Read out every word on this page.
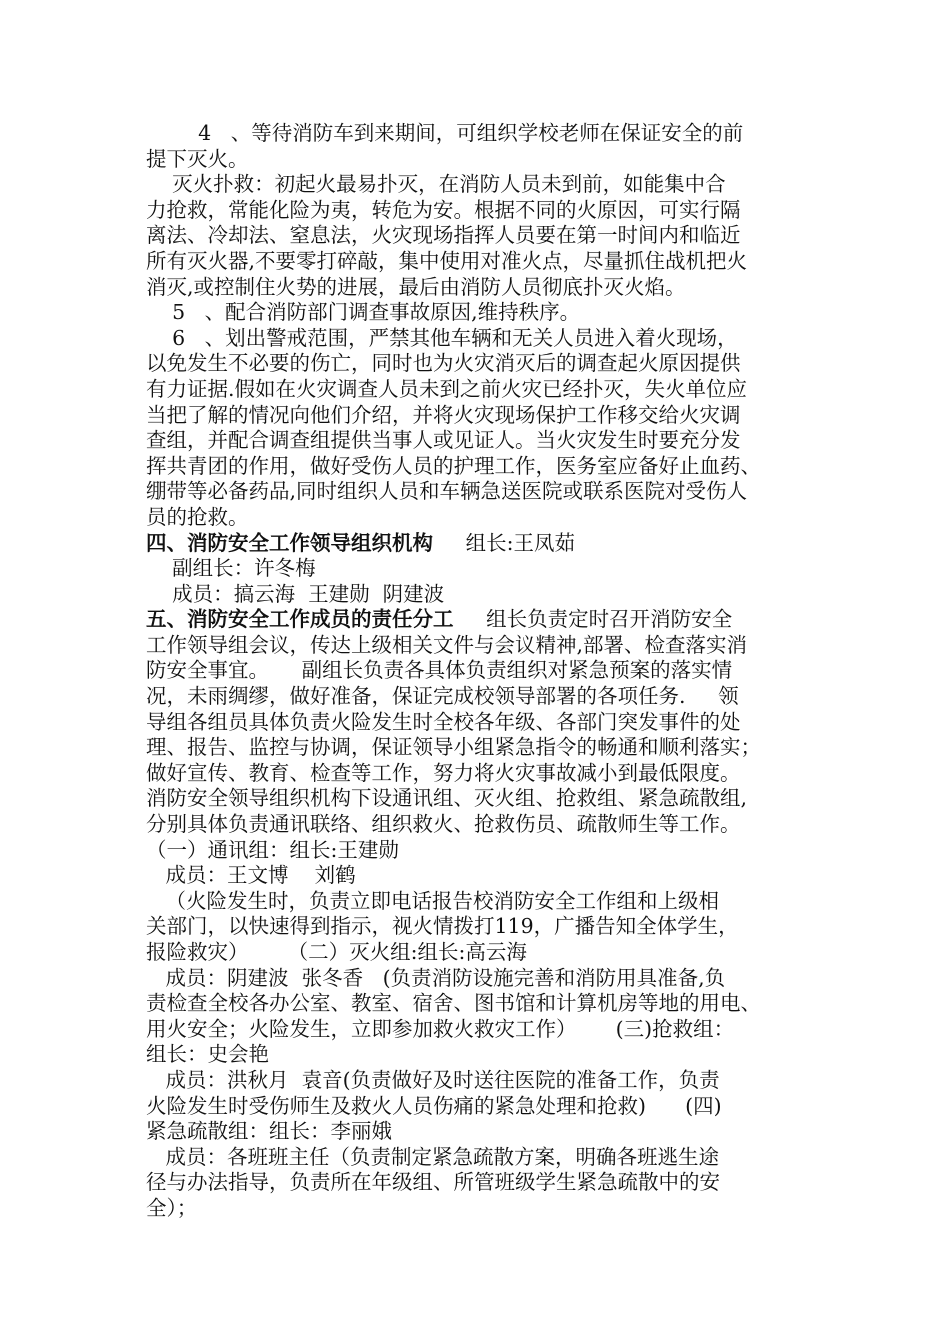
4   、等待消防车到来期间，可组织学校老师在保证安全的前
提下灭火。
灭火扑救：初起火最易扑灭，在消防人员未到前，如能集中合
力抢救，常能化险为夷，转危为安。根据不同的火原因，可实行隔
离法、冷却法、窒息法，火灾现场指挥人员要在第一时间内和临近
所有灭火器,不要零打碎敲，集中使用对准火点，尽量抓住战机把火
消灭,或控制住火势的进展，最后由消防人员彻底扑灭火焰。
5   、配合消防部门调查事故原因,维持秩序。
6   、划出警戒范围，严禁其他车辆和无关人员进入着火现场，
以免发生不必要的伤亡，同时也为火灾消灭后的调查起火原因提供
有力证据.假如在火灾调查人员未到之前火灾已经扑灭，失火单位应
当把了解的情况向他们介绍，并将火灾现场保护工作移交给火灾调
查组，并配合调查组提供当事人或见证人。当火灾发生时要充分发
挥共青团的作用，做好受伤人员的护理工作，医务室应备好止血药、
绷带等必备药品,同时组织人员和车辆急送医院或联系医院对受伤人
员的抢救。
四、消防安全工作领导组织机构     组长:王凤茹
副组长：许冬梅
成员：搞云海  王建勋  阴建波
五、消防安全工作成员的责任分工     组长负责定时召开消防安全
工作领导组会议，传达上级相关文件与会议精神,部署、检查落实消
防安全事宜。     副组长负责各具体负责组织对紧急预案的落实情
况，未雨绸缪，做好准备，保证完成校领导部署的各项任务.     领
导组各组员具体负责火险发生时全校各年级、各部门突发事件的处
理、报告、监控与协调，保证领导小组紧急指令的畅通和顺利落实；
做好宣传、教育、检查等工作，努力将火灾事故减小到最低限度。
消防安全领导组织机构下设通讯组、灭火组、抢救组、紧急疏散组,
分别具体负责通讯联络、组织救火、抢救伤员、疏散师生等工作。
（一）通讯组：组长:王建勋
成员：王文博    刘鹤
（火险发生时，负责立即电话报告校消防安全工作组和上级相
关部门，以快速得到指示，视火情拨打119，广播告知全体学生，
报险救灾）      （二）灭火组:组长:高云海
成员：阴建波  张冬香   (负责消防设施完善和消防用具准备,负
责检查全校各办公室、教室、宿舍、图书馆和计算机房等地的用电、
用火安全；火险发生，立即参加救火救灾工作）      (三)抢救组：
组长：史会艳
成员：洪秋月  袁音(负责做好及时送往医院的准备工作，负责
火险发生时受伤师生及救火人员伤痛的紧急处理和抢救)      (四)
紧急疏散组：组长：李丽娥
成员：各班班主任（负责制定紧急疏散方案，明确各班逃生途
径与办法指导，负责所在年级组、所管班级学生紧急疏散中的安
全）；
